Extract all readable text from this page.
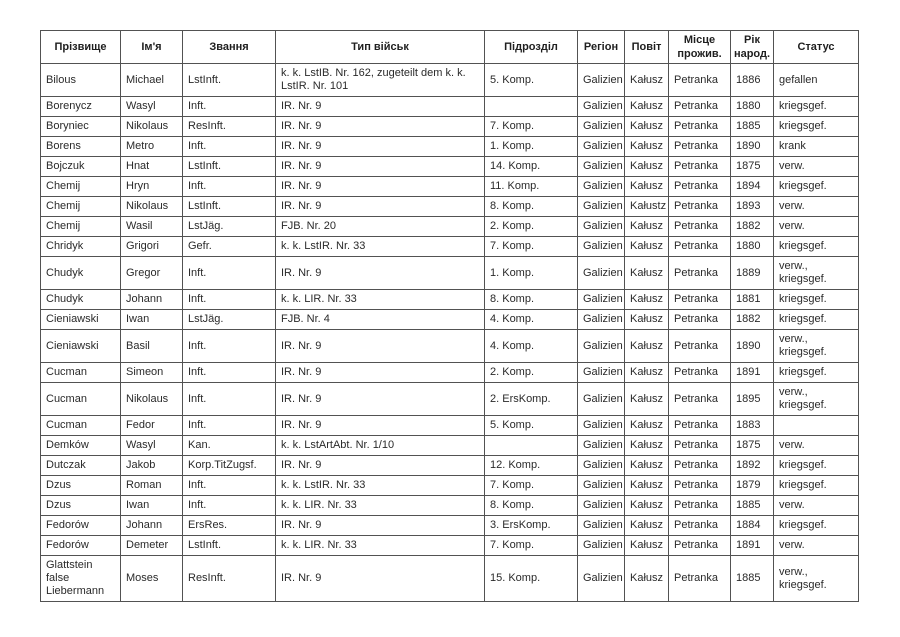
Прізвище	Ім'я	Звання	Тип військ	Підрозділ	Регіон	Повіт	Місце прожив.	Рік народ.	Статус
Bilous	Michael	LstInft.	k. k. LstIB. Nr. 162, zugeteilt dem k. k. LstIR. Nr. 101	5. Komp.	Galizien	Kałusz	Petranka	1886	gefallen
Borenycz	Wasyl	Inft.	IR. Nr. 9		Galizien	Kałusz	Petranka	1880	kriegsgef.
Boryniec	Nikolaus	ResInft.	IR. Nr. 9	7. Komp.	Galizien	Kałusz	Petranka	1885	kriegsgef.
Borens	Metro	Inft.	IR. Nr. 9	1. Komp.	Galizien	Kałusz	Petranka	1890	krank
Bojczuk	Hnat	LstInft.	IR. Nr. 9	14. Komp.	Galizien	Kałusz	Petranka	1875	verw.
Chemij	Hryn	Inft.	IR. Nr. 9	11. Komp.	Galizien	Kałusz	Petranka	1894	kriegsgef.
Chemij	Nikolaus	LstInft.	IR. Nr. 9	8. Komp.	Galizien	Kałustz	Petranka	1893	verw.
Chemij	Wasil	LstJäg.	FJB. Nr. 20	2. Komp.	Galizien	Kałusz	Petranka	1882	verw.
Chridyk	Grigori	Gefr.	k. k. LstIR. Nr. 33	7. Komp.	Galizien	Kałusz	Petranka	1880	kriegsgef.
Chudyk	Gregor	Inft.	IR. Nr. 9	1. Komp.	Galizien	Kałusz	Petranka	1889	verw., kriegsgef.
Chudyk	Johann	Inft.	k. k. LIR. Nr. 33	8. Komp.	Galizien	Kałusz	Petranka	1881	kriegsgef.
Cieniawski	Iwan	LstJäg.	FJB. Nr. 4	4. Komp.	Galizien	Kałusz	Petranka	1882	kriegsgef.
Cieniawski	Basil	Inft.	IR. Nr. 9	4. Komp.	Galizien	Kałusz	Petranka	1890	verw., kriegsgef.
Cucman	Simeon	Inft.	IR. Nr. 9	2. Komp.	Galizien	Kałusz	Petranka	1891	kriegsgef.
Cucman	Nikolaus	Inft.	IR. Nr. 9	2. ErsKomp.	Galizien	Kałusz	Petranka	1895	verw., kriegsgef.
Cucman	Fedor	Inft.	IR. Nr. 9	5. Komp.	Galizien	Kałusz	Petranka	1883	
Demków	Wasyl	Kan.	k. k. LstArtAbt. Nr. 1/10		Galizien	Kałusz	Petranka	1875	verw.
Dutczak	Jakob	Korp.TitZugsf.	IR. Nr. 9	12. Komp.	Galizien	Kałusz	Petranka	1892	kriegsgef.
Dzus	Roman	Inft.	k. k. LstIR. Nr. 33	7. Komp.	Galizien	Kałusz	Petranka	1879	kriegsgef.
Dzus	Iwan	Inft.	k. k. LIR. Nr. 33	8. Komp.	Galizien	Kałusz	Petranka	1885	verw.
Fedorów	Johann	ErsRes.	IR. Nr. 9	3. ErsKomp.	Galizien	Kałusz	Petranka	1884	kriegsgef.
Fedorów	Demeter	LstInft.	k. k. LIR. Nr. 33	7. Komp.	Galizien	Kałusz	Petranka	1891	verw.
Glattstein false Liebermann	Moses	ResInft.	IR. Nr. 9	15. Komp.	Galizien	Kałusz	Petranka	1885	verw., kriegsgef.
